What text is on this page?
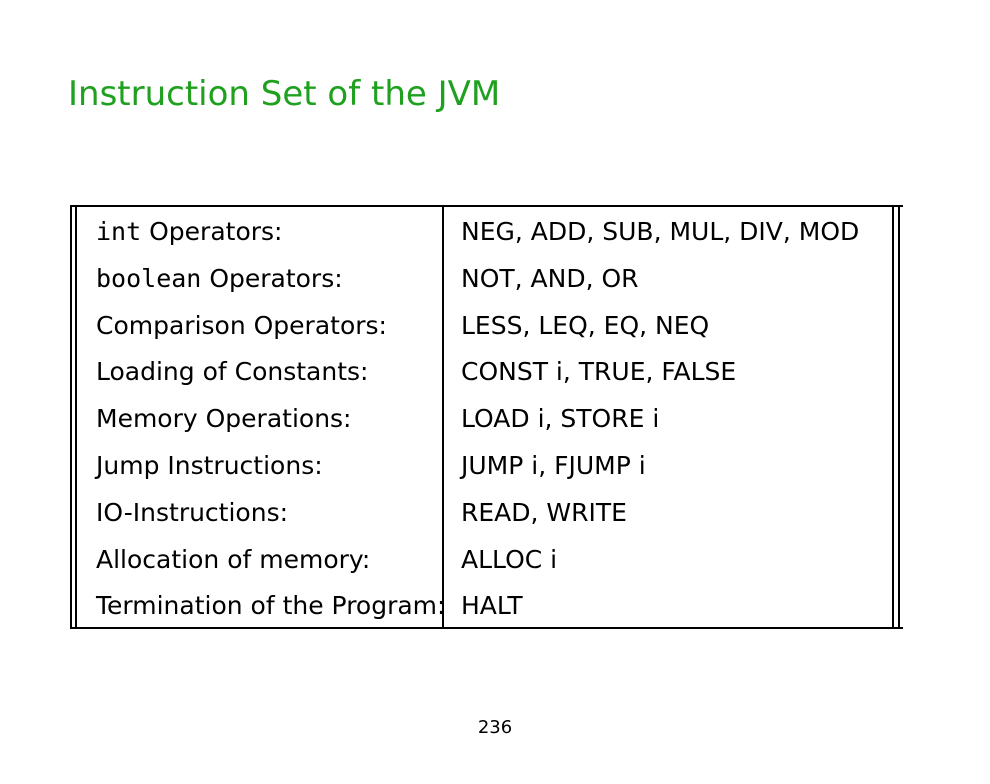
Instruction Set of the JVM
int Operators:	NEG, ADD, SUB, MUL, DIV, MOD
boolean Operators:	NOT, AND, OR
Comparison Operators:	LESS, LEQ, EQ, NEQ
Loading of Constants:	CONST i, TRUE, FALSE
Memory Operations:	LOAD i, STORE i
Jump Instructions:	JUMP i, FJUMP i
IO-Instructions:	READ, WRITE
Allocation of memory:	ALLOC i
Termination of the Program: HALT
236
